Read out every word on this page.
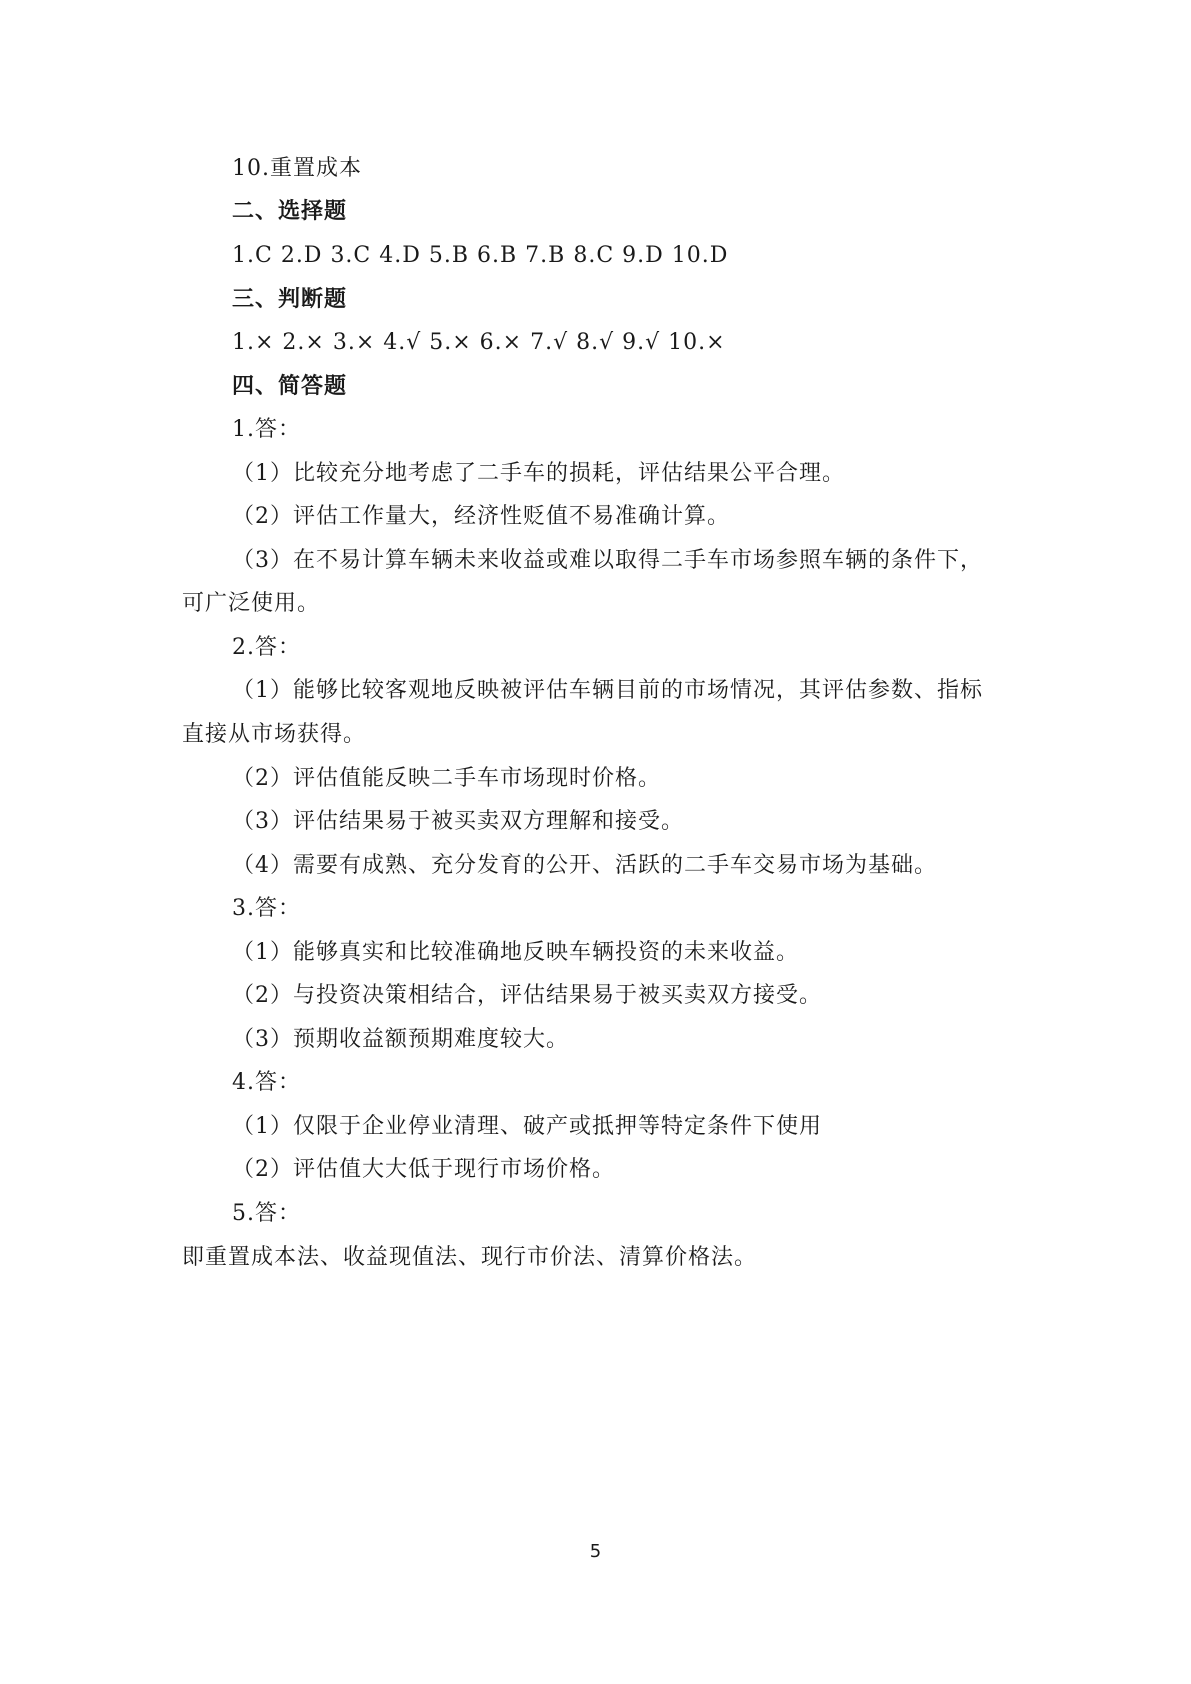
10.重置成本
二、选择题
1.C 2.D 3.C 4.D 5.B 6.B 7.B 8.C 9.D 10.D
三、判断题
1.× 2.× 3.× 4.√ 5.× 6.× 7.√ 8.√ 9.√ 10.×
四、简答题
1.答：
（1）比较充分地考虑了二手车的损耗，评估结果公平合理。
（2）评估工作量大，经济性贬值不易准确计算。
（3）在不易计算车辆未来收益或难以取得二手车市场参照车辆的条件下，
可广泛使用。
2.答：
（1）能够比较客观地反映被评估车辆目前的市场情况，其评估参数、指标
直接从市场获得。
（2）评估值能反映二手车市场现时价格。
（3）评估结果易于被买卖双方理解和接受。
（4）需要有成熟、充分发育的公开、活跃的二手车交易市场为基础。
3.答：
（1）能够真实和比较准确地反映车辆投资的未来收益。
（2）与投资决策相结合，评估结果易于被买卖双方接受。
（3）预期收益额预期难度较大。
4.答：
（1）仅限于企业停业清理、破产或抵押等特定条件下使用
（2）评估值大大低于现行市场价格。
5.答：
即重置成本法、收益现值法、现行市价法、清算价格法。
5
